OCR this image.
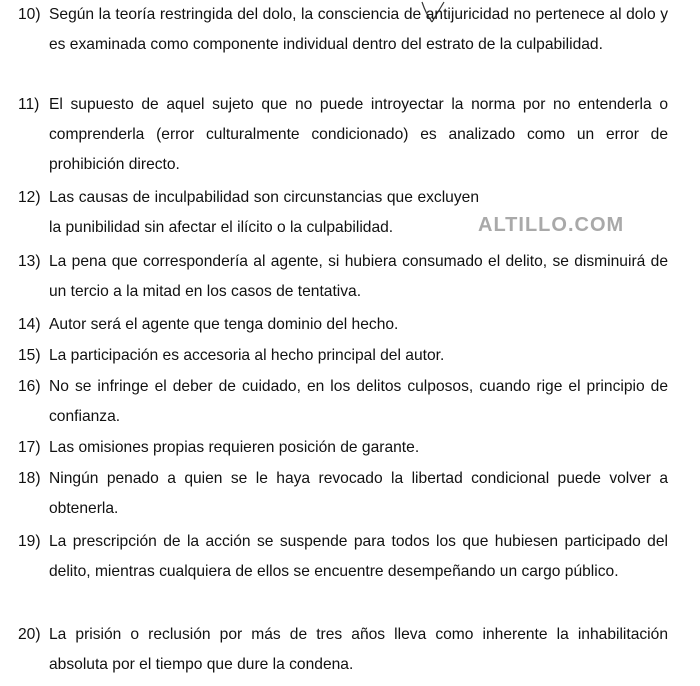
10) Según la teoría restringida del dolo, la consciencia de antijuricidad no pertenece al dolo y es examinada como componente individual dentro del estrato de la culpabilidad.
11) El supuesto de aquel sujeto que no puede introyectar la norma por no entenderla o comprenderla (error culturalmente condicionado) es analizado como un error de prohibición directo.
12) Las causas de inculpabilidad son circunstancias que excluyen la punibilidad sin afectar el ilícito o la culpabilidad.	ALTILLO.COM
13) La pena que correspondería al agente, si hubiera consumado el delito, se disminuirá de un tercio a la mitad en los casos de tentativa.
14) Autor será el agente que tenga dominio del hecho.
15) La participación es accesoria al hecho principal del autor.
16) No se infringe el deber de cuidado, en los delitos culposos, cuando rige el principio de confianza.
17) Las omisiones propias requieren posición de garante.
18) Ningún penado a quien se le haya revocado la libertad condicional puede volver a obtenerla.
19) La prescripción de la acción se suspende para todos los que hubiesen participado del delito, mientras cualquiera de ellos se encuentre desempeñando un cargo público.
20) La prisión o reclusión por más de tres años lleva como inherente la inhabilitación absoluta por el tiempo que dure la condena.
